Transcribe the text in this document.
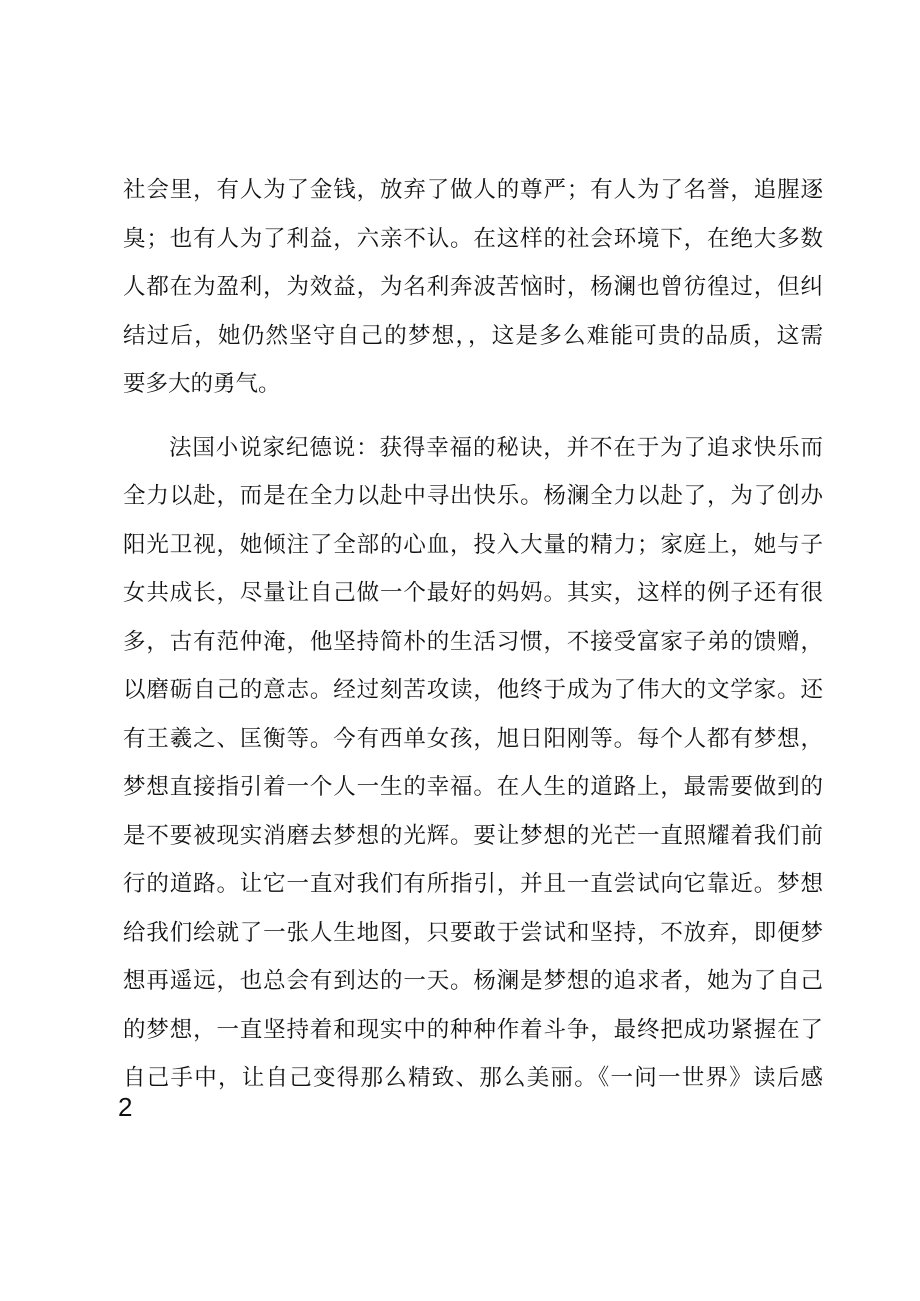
社会里，有人为了金钱，放弃了做人的尊严；有人为了名誉，追腥逐
臭；也有人为了利益，六亲不认。在这样的社会环境下，在绝大多数
人都在为盈利，为效益，为名利奔波苦恼时，杨澜也曾彷徨过，但纠
结过后，她仍然坚守自己的梦想，，这是多么难能可贵的品质，这需
要多大的勇气。
法国小说家纪德说：获得幸福的秘诀，并不在于为了追求快乐而
全力以赴，而是在全力以赴中寻出快乐。杨澜全力以赴了，为了创办
阳光卫视，她倾注了全部的心血，投入大量的精力；家庭上，她与子
女共成长，尽量让自己做一个最好的妈妈。其实，这样的例子还有很
多，古有范仲淹，他坚持简朴的生活习惯，不接受富家子弟的馈赠，
以磨砺自己的意志。经过刻苦攻读，他终于成为了伟大的文学家。还
有王羲之、匡衡等。今有西单女孩，旭日阳刚等。每个人都有梦想，
梦想直接指引着一个人一生的幸福。在人生的道路上，最需要做到的
是不要被现实消磨去梦想的光辉。要让梦想的光芒一直照耀着我们前
行的道路。让它一直对我们有所指引，并且一直尝试向它靠近。梦想
给我们绘就了一张人生地图，只要敢于尝试和坚持，不放弃，即便梦
想再遥远，也总会有到达的一天。杨澜是梦想的追求者，她为了自己
的梦想，一直坚持着和现实中的种种作着斗争，最终把成功紧握在了
自己手中，让自己变得那么精致、那么美丽。《一问一世界》读后感
2
